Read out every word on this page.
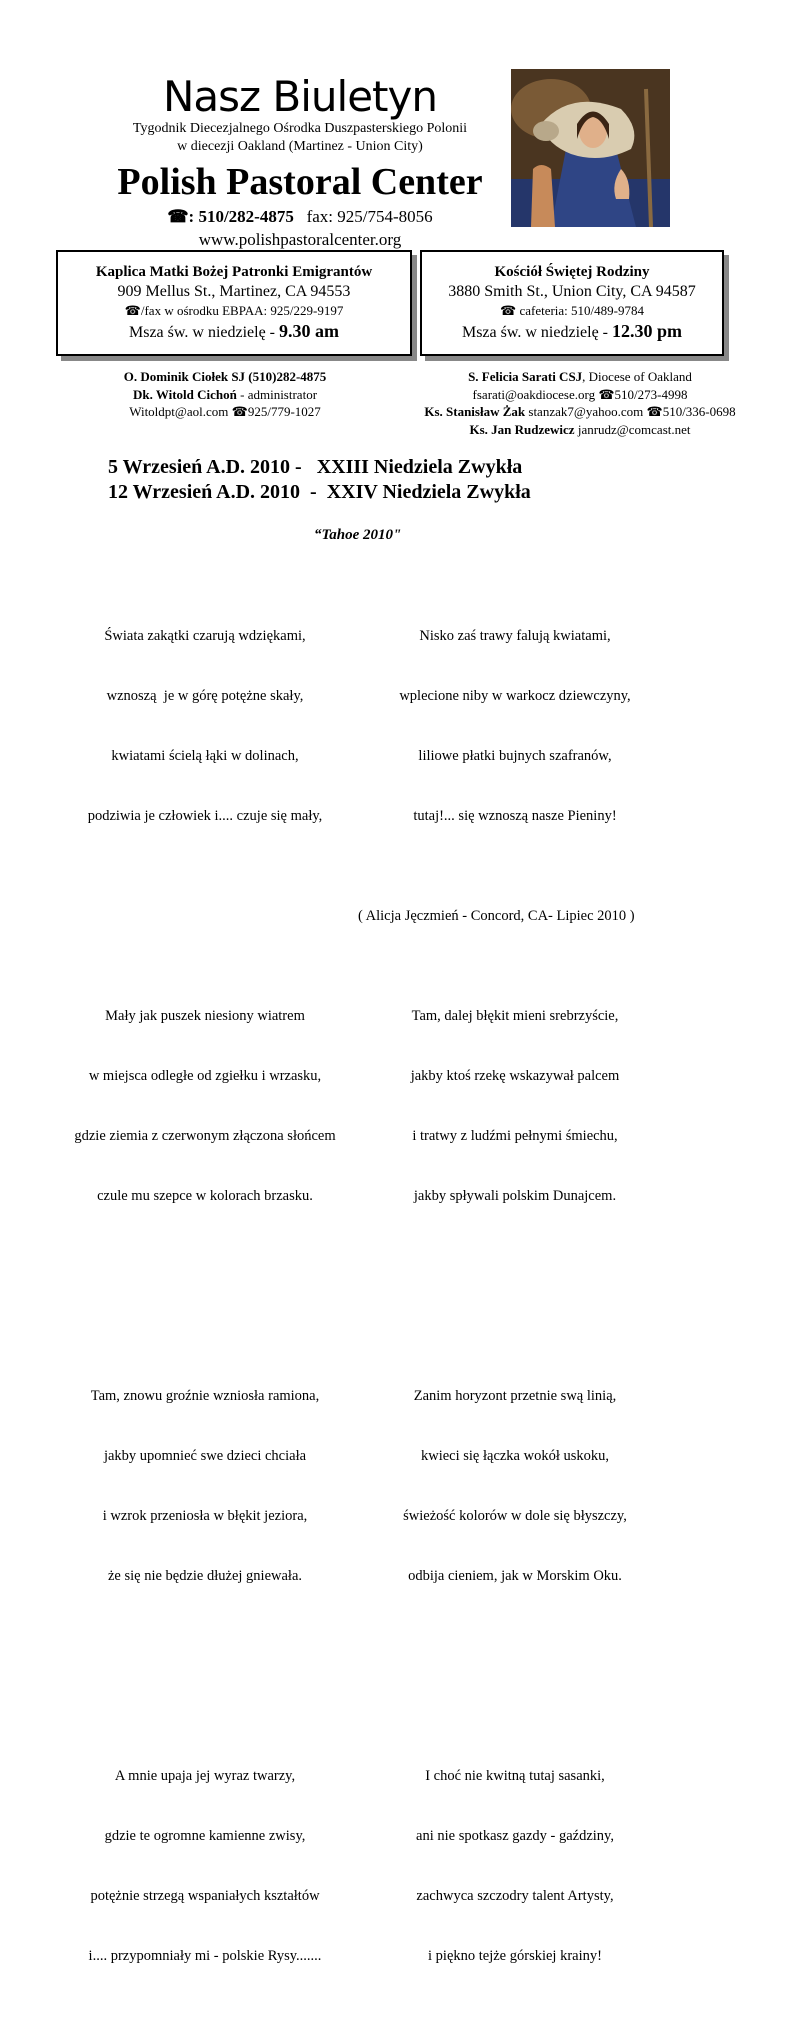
Nasz Biuletyn
Tygodnik Diecezjalnego Ośrodka Duszpasterskiego Polonii
w diecezji Oakland (Martinez - Union City)
Polish Pastoral Center
☎: 510/282-4875 fax: 925/754-8056
www.polishpastoralcenter.org
Kaplica Matki Bożej Patronki Emigrantów
909 Mellus St., Martinez, CA 94553
☎/fax w ośrodku EBPAA: 925/229-9197
Msza św. w niedzielę - 9.30 am
Kościół Świętej Rodziny
3880 Smith St., Union City, CA 94587
☎ cafeteria: 510/489-9784
Msza św. w niedzielę - 12.30 pm
O. Dominik Ciołek SJ (510)282-4875
Dk. Witold Cichoń - administrator
Witoldpt@aol.com ☎925/779-1027
S. Felicia Sarati CSJ, Diocese of Oakland
fsarati@oakdiocese.org ☎510/273-4998
Ks. Stanisław Żak stanzak7@yahoo.com ☎510/336-0698
Ks. Jan Rudzewicz janrudz@comcast.net
5 Wrzesień A.D. 2010 -   XXIII Niedziela Zwykła
12 Wrzesień A.D. 2010  -  XXIV Niedziela Zwykła
“Tahoe 2010"

Świata zakątki czarują wdziękami,

wznoszą  je w górę potężne skały,

kwiatami ścielą łąki w dolinach,

podziwia je człowiek i.... czuje się mały,

Mały jak puszek niesiony wiatrem

w miejsca odległe od zgiełku i wrzasku,

gdzie ziemia z czerwonym złączona słońcem

czule mu szepce w kolorach brzasku.

Tam, znowu groźnie wzniosła ramiona,

jakby upomnieć swe dzieci chciała

i wzrok przeniosła w błękit jeziora,

że się nie będzie dłużej gniewała.

A mnie upaja jej wyraz twarzy,

gdzie te ogromne kamienne zwisy,

potężnie strzegą wspaniałych kształtów

i.... przypomniały mi - polskie Rysy.......

Nisko zaś trawy falują kwiatami,

wplecione niby w warkocz dziewczyny,

liliowe płatki bujnych szafranów,

tutaj!... się wznoszą nasze Pieniny!

Tam, dalej błękit mieni srebrzyście,

jakby ktoś rzekę wskazywał palcem

i tratwy z ludźmi pełnymi śmiechu,

jakby spływali polskim Dunajcem.

Zanim horyzont przetnie swą linią,

kwieci się łączka wokół uskoku,

świeżość kolorów w dole się błyszczy,

odbija cieniem, jak w Morskim Oku.

I choć nie kwitną tutaj sasanki,

ani nie spotkasz gazdy - gaździny,

zachwyca szczodry talent Artysty,

i piękno tejże górskiej krainy!

( Alicja Jęczmień - Concord, CA- Lipiec 2010 )
